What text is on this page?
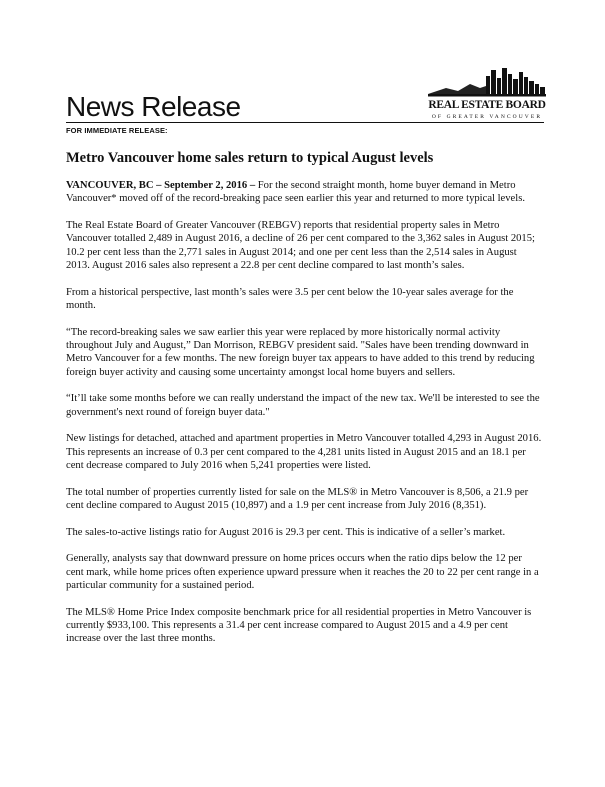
REAL ESTATE BOARD
OF GREATER VANCOUVER
News Release
FOR IMMEDIATE RELEASE:
Metro Vancouver home sales return to typical August levels

VANCOUVER, BC – September 2, 2016 – For the second straight month, home buyer demand in Metro Vancouver* moved off of the record-breaking pace seen earlier this year and returned to more typical levels.

The Real Estate Board of Greater Vancouver (REBGV) reports that residential property sales in Metro Vancouver totalled 2,489 in August 2016, a decline of 26 per cent compared to the 3,362 sales in August 2015; 10.2 per cent less than the 2,771 sales in August 2014; and one per cent less than the 2,514 sales in August 2013. August 2016 sales also represent a 22.8 per cent decline compared to last month’s sales.

From a historical perspective, last month’s sales were 3.5 per cent below the 10-year sales average for the month.

“The record-breaking sales we saw earlier this year were replaced by more historically normal activity throughout July and August,” Dan Morrison, REBGV president said. "Sales have been trending downward in Metro Vancouver for a few months. The new foreign buyer tax appears to have added to this trend by reducing foreign buyer activity and causing some uncertainty amongst local home buyers and sellers.

“It’ll take some months before we can really understand the impact of the new tax. We'll be interested to see the government's next round of foreign buyer data."

New listings for detached, attached and apartment properties in Metro Vancouver totalled 4,293 in August 2016. This represents an increase of 0.3 per cent compared to the 4,281 units listed in August 2015 and an 18.1 per cent decrease compared to July 2016 when 5,241 properties were listed.

The total number of properties currently listed for sale on the MLS® in Metro Vancouver is 8,506, a 21.9 per cent decline compared to August 2015 (10,897) and a 1.9 per cent increase from July 2016 (8,351).

The sales-to-active listings ratio for August 2016 is 29.3 per cent. This is indicative of a seller’s market.

Generally, analysts say that downward pressure on home prices occurs when the ratio dips below the 12 per cent mark, while home prices often experience upward pressure when it reaches the 20 to 22 per cent range in a particular community for a sustained period.

The MLS® Home Price Index composite benchmark price for all residential properties in Metro Vancouver is currently $933,100. This represents a 31.4 per cent increase compared to August 2015 and a 4.9 per cent increase over the last three months.
